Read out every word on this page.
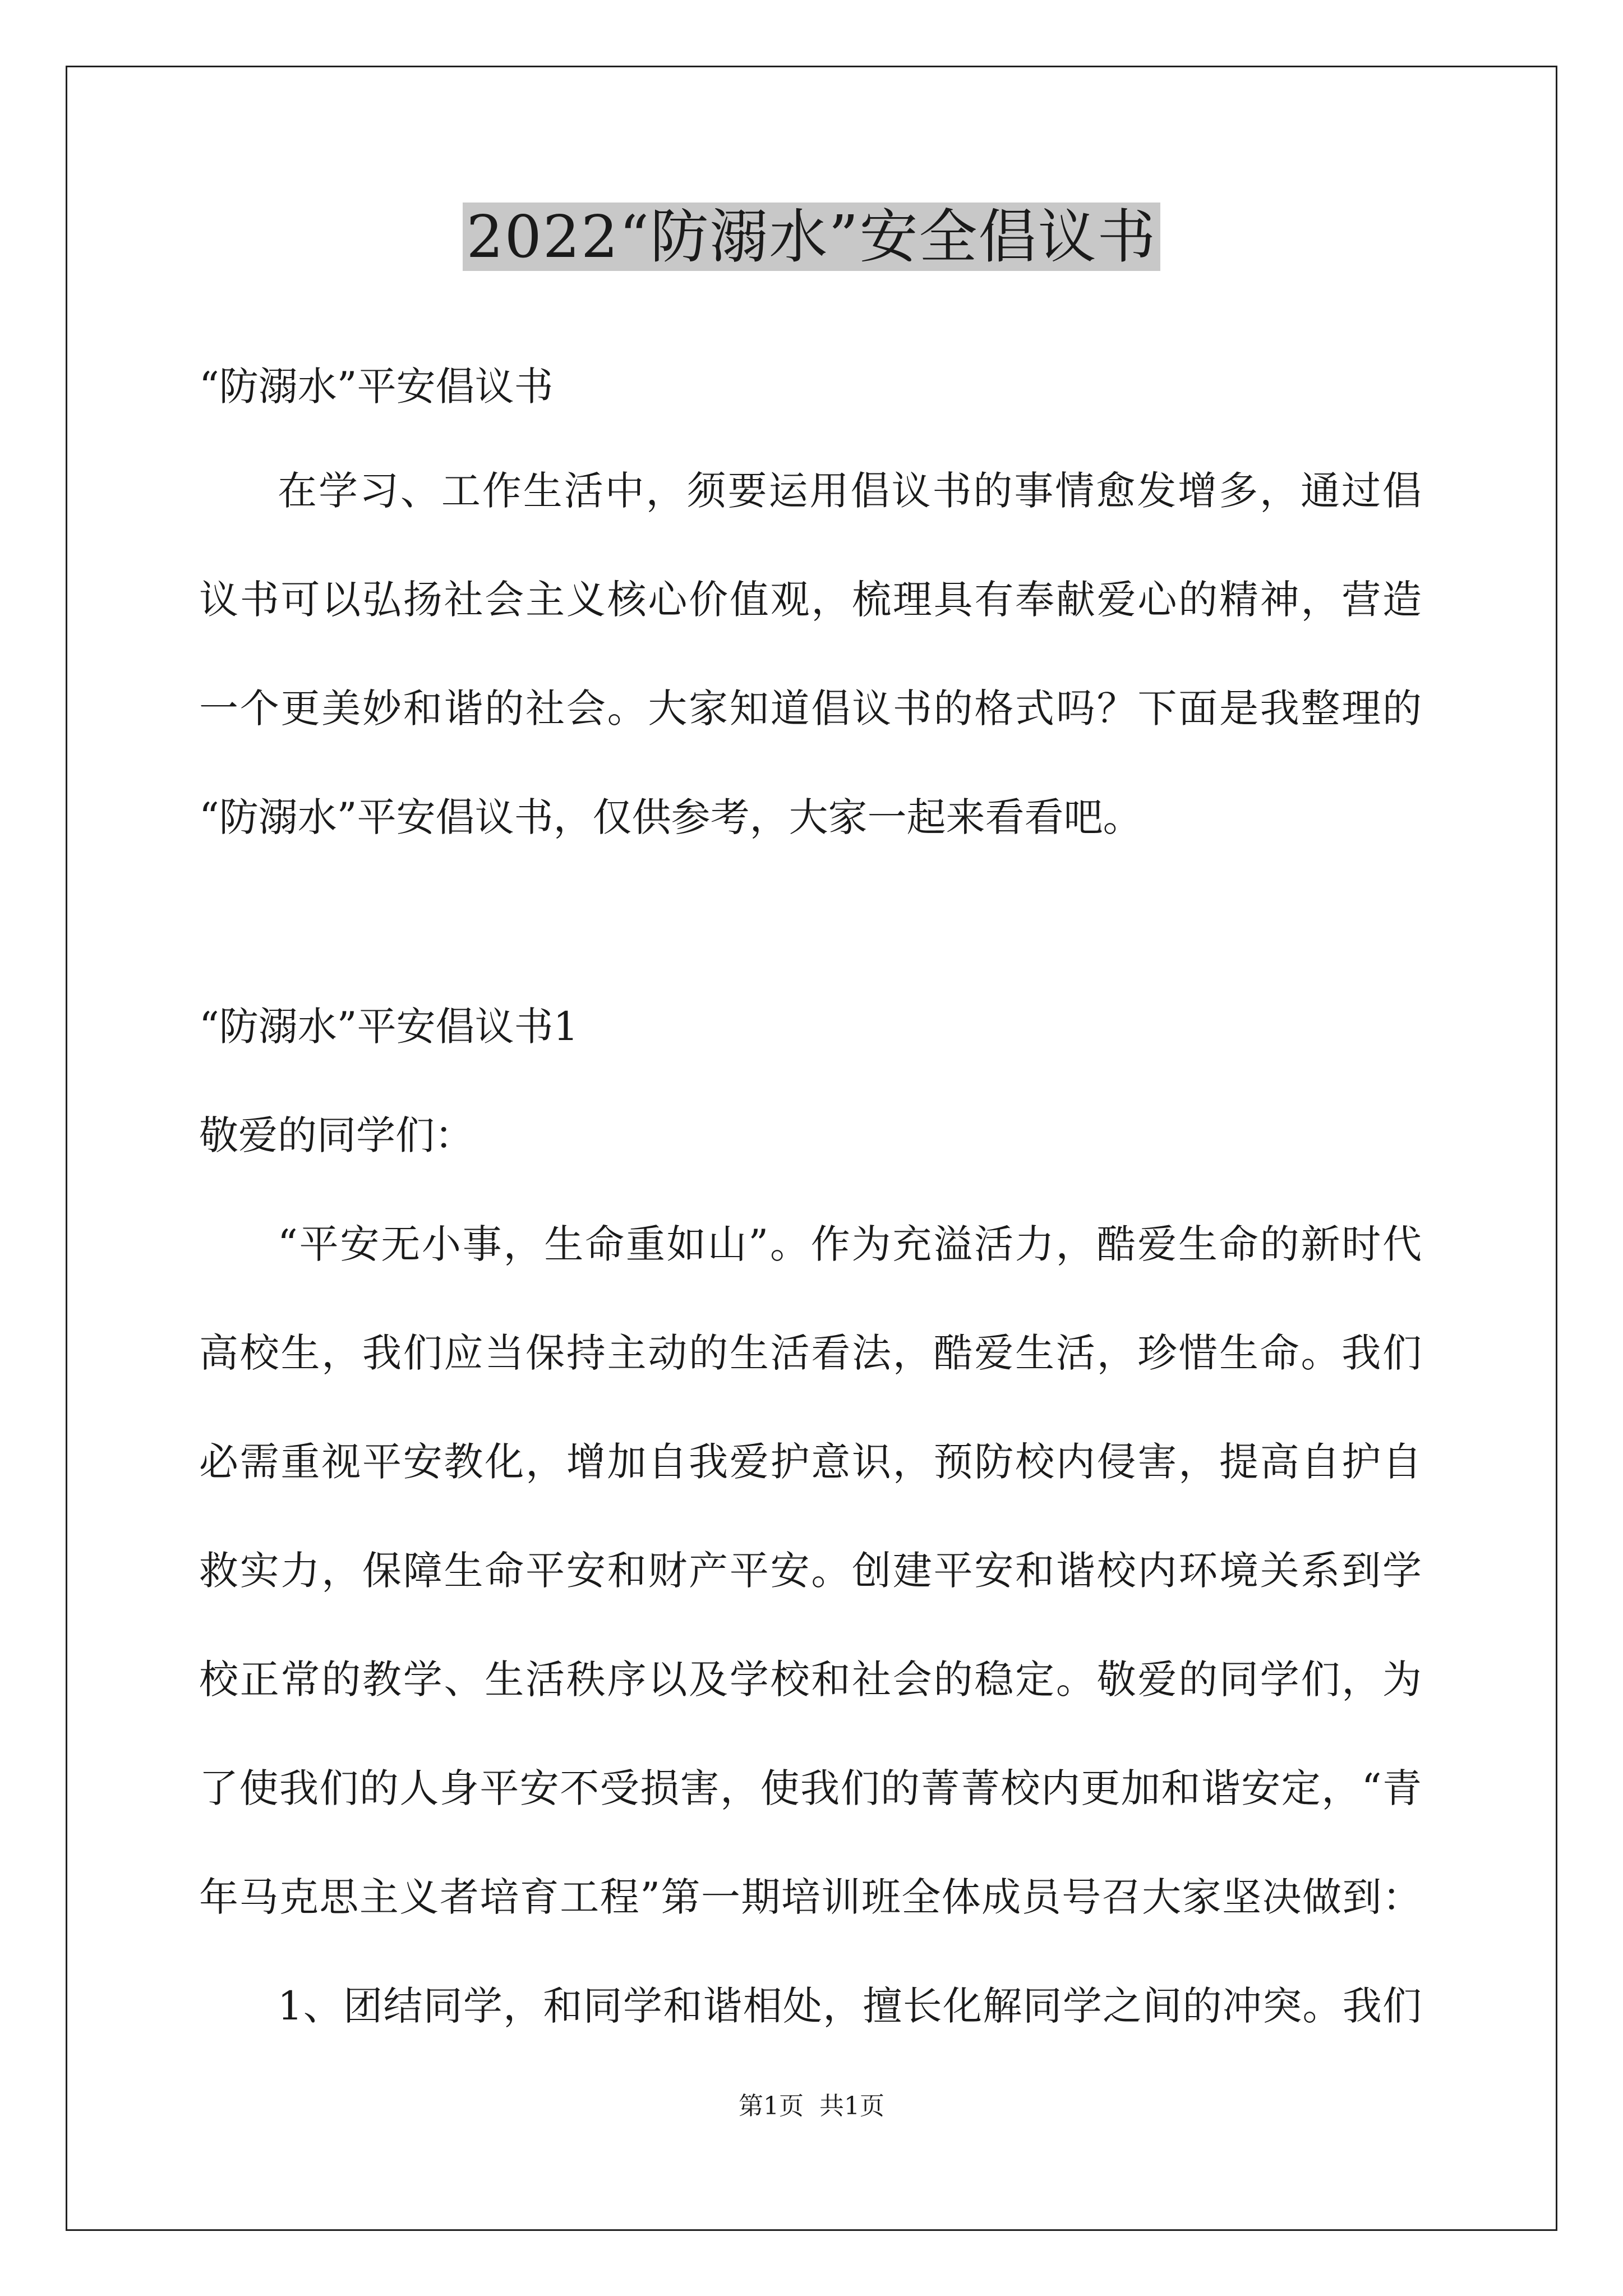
2022“防溺水”安全倡议书

“防溺水”平安倡议书

在学习、工作生活中，须要运用倡议书的事情愈发增多，通过倡

议书可以弘扬社会主义核心价值观，梳理具有奉献爱心的精神，营造

一个更美妙和谐的社会。大家知道倡议书的格式吗？下面是我整理的

“防溺水”平安倡议书，仅供参考，大家一起来看看吧。

“防溺水”平安倡议书1

敬爱的同学们：

“平安无小事，生命重如山”。作为充溢活力，酷爱生命的新时代

高校生，我们应当保持主动的生活看法，酷爱生活，珍惜生命。我们

必需重视平安教化，增加自我爱护意识，预防校内侵害，提高自护自

救实力，保障生命平安和财产平安。创建平安和谐校内环境关系到学

校正常的教学、生活秩序以及学校和社会的稳定。敬爱的同学们，为

了使我们的人身平安不受损害，使我们的菁菁校内更加和谐安定，“青

年马克思主义者培育工程”第一期培训班全体成员号召大家坚决做到：

1、团结同学，和同学和谐相处，擅长化解同学之间的冲突。我们

第1页 共1页
